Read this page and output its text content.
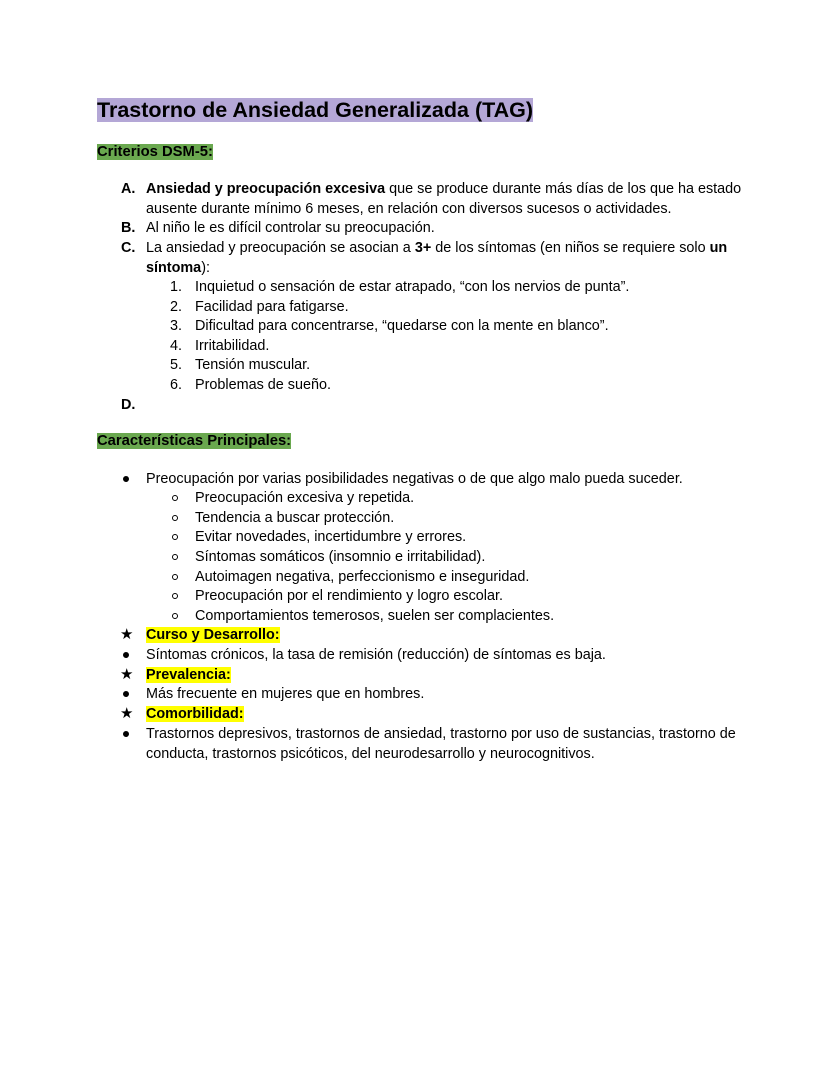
Trastorno de Ansiedad Generalizada (TAG)
Criterios DSM-5:
A. Ansiedad y preocupación excesiva que se produce durante más días de los que ha estado
ausente durante mínimo 6 meses, en relación con diversos sucesos o actividades.
B. Al niño le es difícil controlar su preocupación.
C. La ansiedad y preocupación se asocian a 3+ de los síntomas (en niños se requiere solo un
síntoma):
1. Inquietud o sensación de estar atrapado, “con los nervios de punta”.
2. Facilidad para fatigarse.
3. Dificultad para concentrarse, “quedarse con la mente en blanco”.
4. Irritabilidad.
5. Tensión muscular.
6. Problemas de sueño.
D.
Características Principales:
Preocupación por varias posibilidades negativas o de que algo malo pueda suceder.
Preocupación excesiva y repetida.
Tendencia a buscar protección.
Evitar novedades, incertidumbre y errores.
Síntomas somáticos (insomnio e irritabilidad).
Autoimagen negativa, perfeccionismo e inseguridad.
Preocupación por el rendimiento y logro escolar.
Comportamientos temerosos, suelen ser complacientes.
★ Curso y Desarrollo:
Síntomas crónicos, la tasa de remisión (reducción) de síntomas es baja.
★ Prevalencia:
Más frecuente en mujeres que en hombres.
★ Comorbilidad:
Trastornos depresivos, trastornos de ansiedad, trastorno por uso de sustancias, trastorno de
conducta, trastornos psicóticos, del neurodesarrollo y neurocognitivos.
